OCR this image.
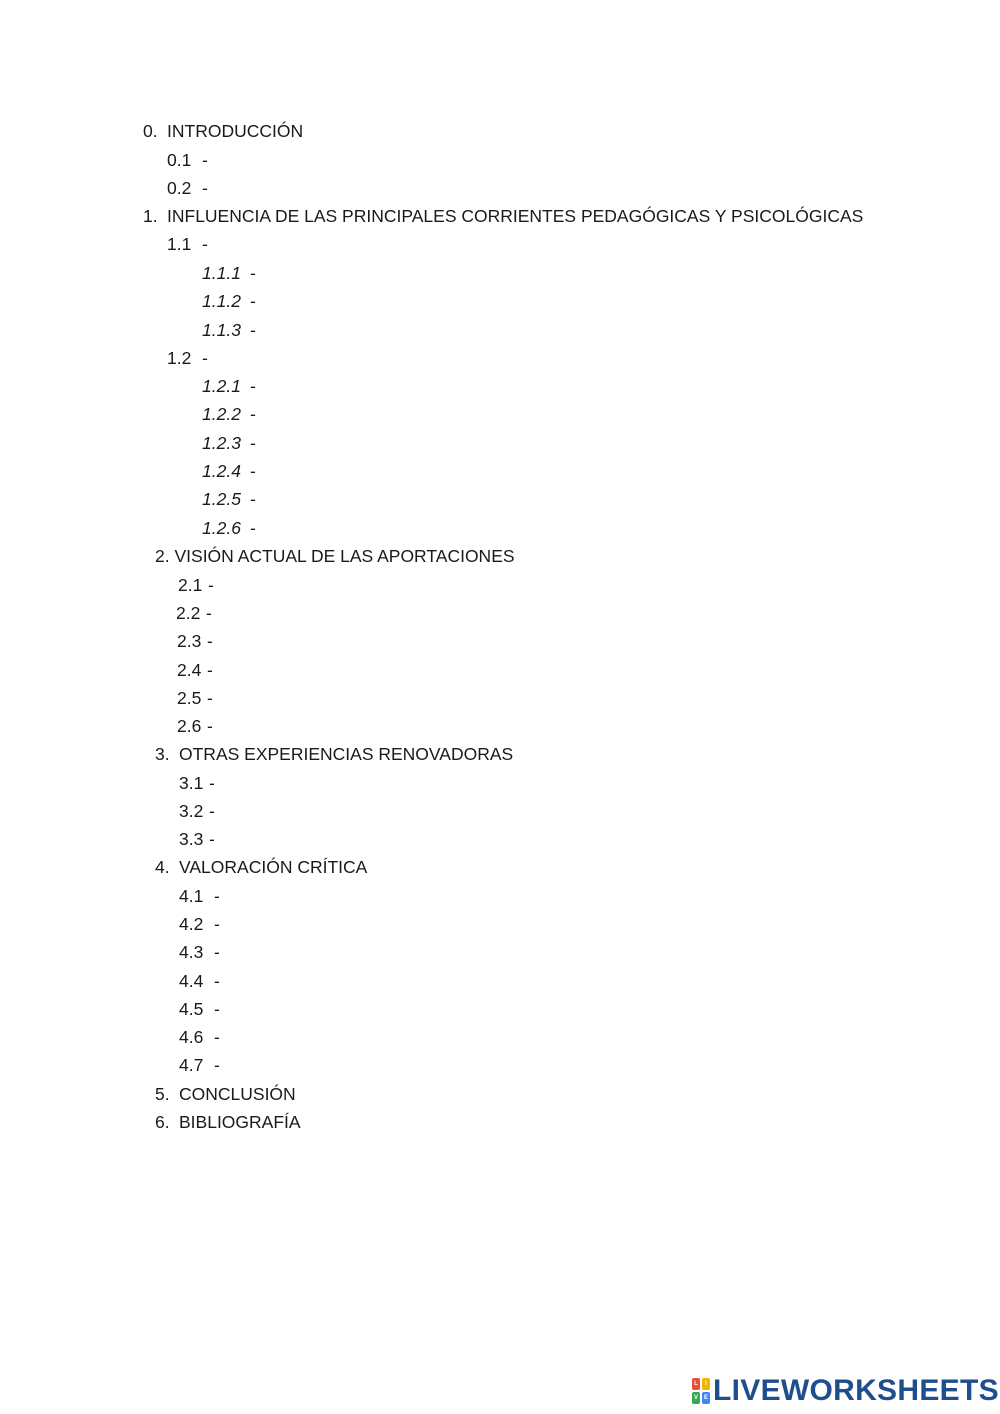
0. INTRODUCCIÓN
0.1 -
0.2 -
1. INFLUENCIA DE LAS PRINCIPALES CORRIENTES PEDAGÓGICAS Y PSICOLÓGICAS
1.1 -
1.1.1 -
1.1.2 -
1.1.3 -
1.2 -
1.2.1 -
1.2.2 -
1.2.3 -
1.2.4 -
1.2.5 -
1.2.6 -
2. VISIÓN ACTUAL DE LAS APORTACIONES
2.1 -
2.2 -
2.3 -
2.4 -
2.5 -
2.6 -
3. OTRAS EXPERIENCIAS RENOVADORAS
3.1 -
3.2 -
3.3 -
4. VALORACIÓN CRÍTICA
4.1 -
4.2 -
4.3 -
4.4 -
4.5 -
4.6 -
4.7 -
5. CONCLUSIÓN
6. BIBLIOGRAFÍA
L	I
V E LIVEWORKSHEETS
